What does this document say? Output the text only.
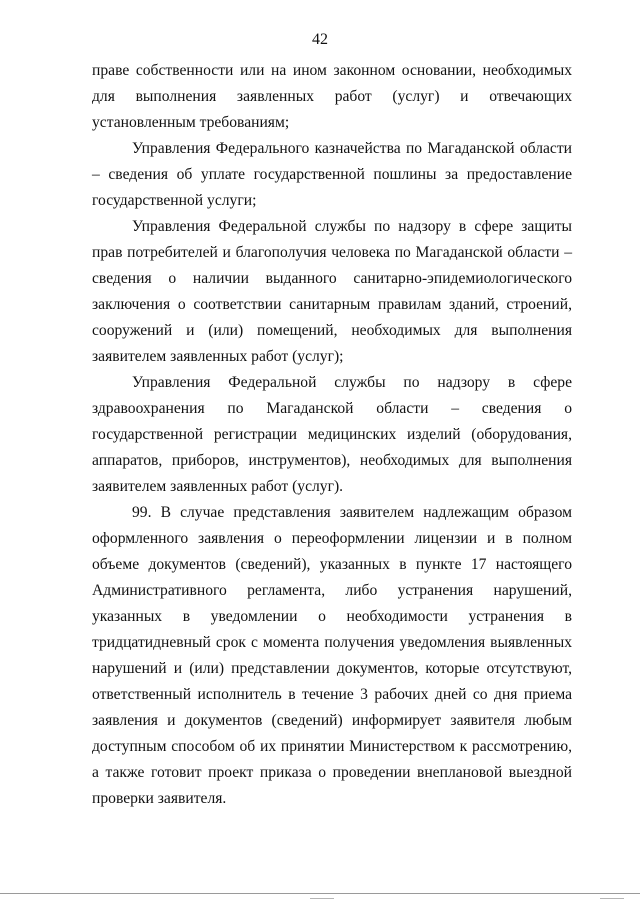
42

праве собственности или на ином законном основании, необходимых для выполнения заявленных работ (услуг) и отвечающих установленным требованиям;

Управления Федерального казначейства по Магаданской области – сведения об уплате государственной пошлины за предоставление государственной услуги;

Управления Федеральной службы по надзору в сфере защиты прав потребителей и благополучия человека по Магаданской области – сведения о наличии выданного санитарно-эпидемиологического заключения о соответствии санитарным правилам зданий, строений, сооружений и (или) помещений, необходимых для выполнения заявителем заявленных работ (услуг);

Управления Федеральной службы по надзору в сфере здравоохранения по Магаданской области – сведения о государственной регистрации медицинских изделий (оборудования, аппаратов, приборов, инструментов), необходимых для выполнения заявителем заявленных работ (услуг).

99. В случае представления заявителем надлежащим образом оформленного заявления о переоформлении лицензии и в полном объеме документов (сведений), указанных в пункте 17 настоящего Административного регламента, либо устранения нарушений, указанных в уведомлении о необходимости устранения в тридцатидневный срок с момента получения уведомления выявленных нарушений и (или) представлении документов, которые отсутствуют, ответственный исполнитель в течение 3 рабочих дней со дня приема заявления и документов (сведений) информирует заявителя любым доступным способом об их принятии Министерством к рассмотрению, а также готовит проект приказа о проведении внеплановой выездной проверки заявителя.
